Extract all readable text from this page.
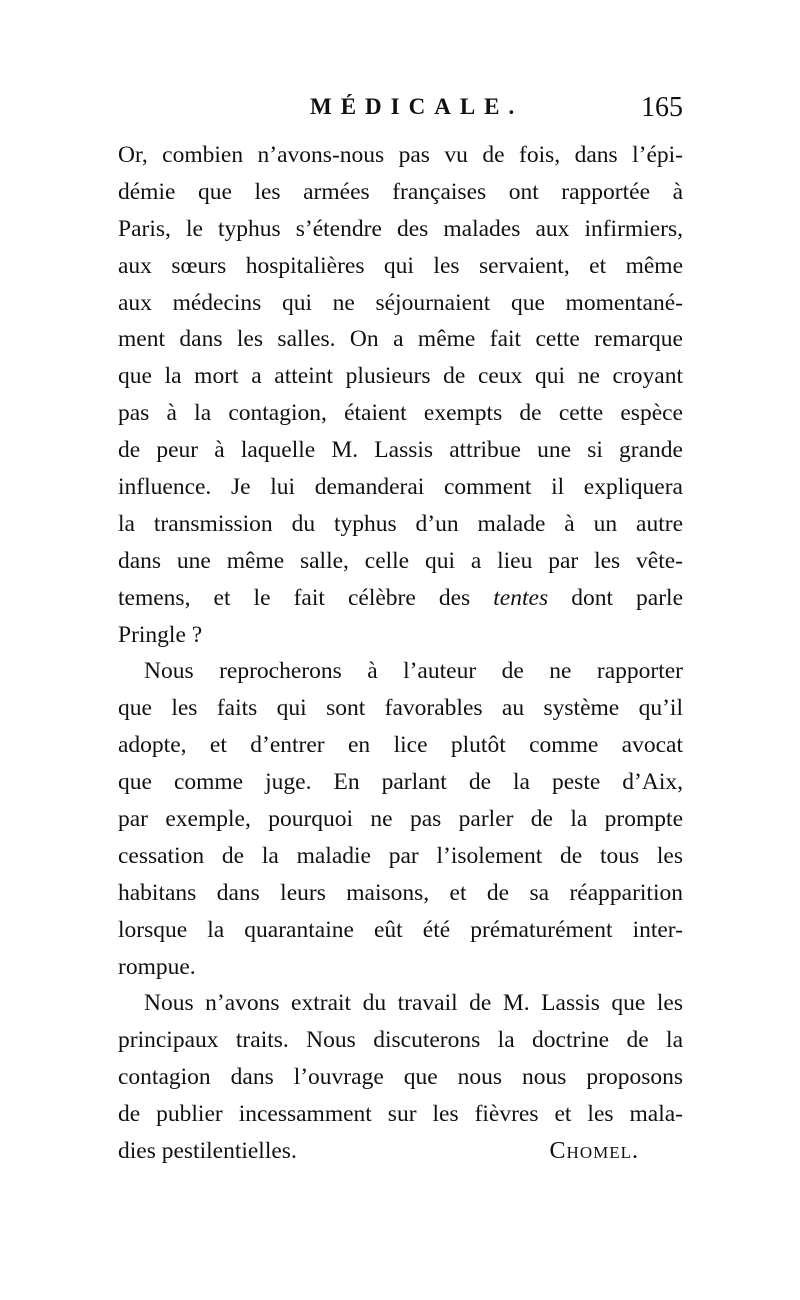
MÉDICALE.	165
Or, combien n’avons-nous pas vu de fois, dans l’épi-
démie que les armées françaises ont rapportée à
Paris, le typhus s’étendre des malades aux infirmiers,
aux sœurs hospitalières qui les servaient, et même
aux médecins qui ne séjournaient que momentané-
ment dans les salles. On a même fait cette remarque
que la mort a atteint plusieurs de ceux qui ne croyant
pas à la contagion, étaient exempts de cette espèce
de peur à laquelle M. Lassis attribue une si grande
influence. Je lui demanderai comment il expliquera
la transmission du typhus d’un malade à un autre
dans une même salle, celle qui a lieu par les vête-
temens, et le fait célèbre des tentes dont parle
Pringle ?
Nous reprocherons à l’auteur de ne rapporter
que les faits qui sont favorables au système qu’il
adopte, et d’entrer en lice plutôt comme avocat
que comme juge. En parlant de la peste d’Aix,
par exemple, pourquoi ne pas parler de la prompte
cessation de la maladie par l’isolement de tous les
habitans dans leurs maisons, et de sa réapparition
lorsque la quarantaine eût été prématurément inter-
rompue.
Nous n’avons extrait du travail de M. Lassis que les
principaux traits. Nous discuterons la doctrine de la
contagion dans l’ouvrage que nous nous proposons
de publier incessamment sur les fièvres et les mala-
dies pestilentielles.	Chomel.
